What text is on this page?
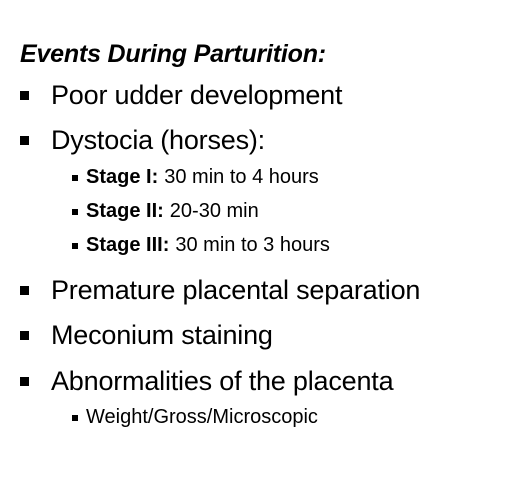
Events During Parturition:
Poor udder development
Dystocia (horses):
Stage I: 30 min to 4 hours
Stage II: 20-30 min
Stage III: 30 min to 3 hours
Premature placental separation
Meconium staining
Abnormalities of the placenta
Weight/Gross/Microscopic
